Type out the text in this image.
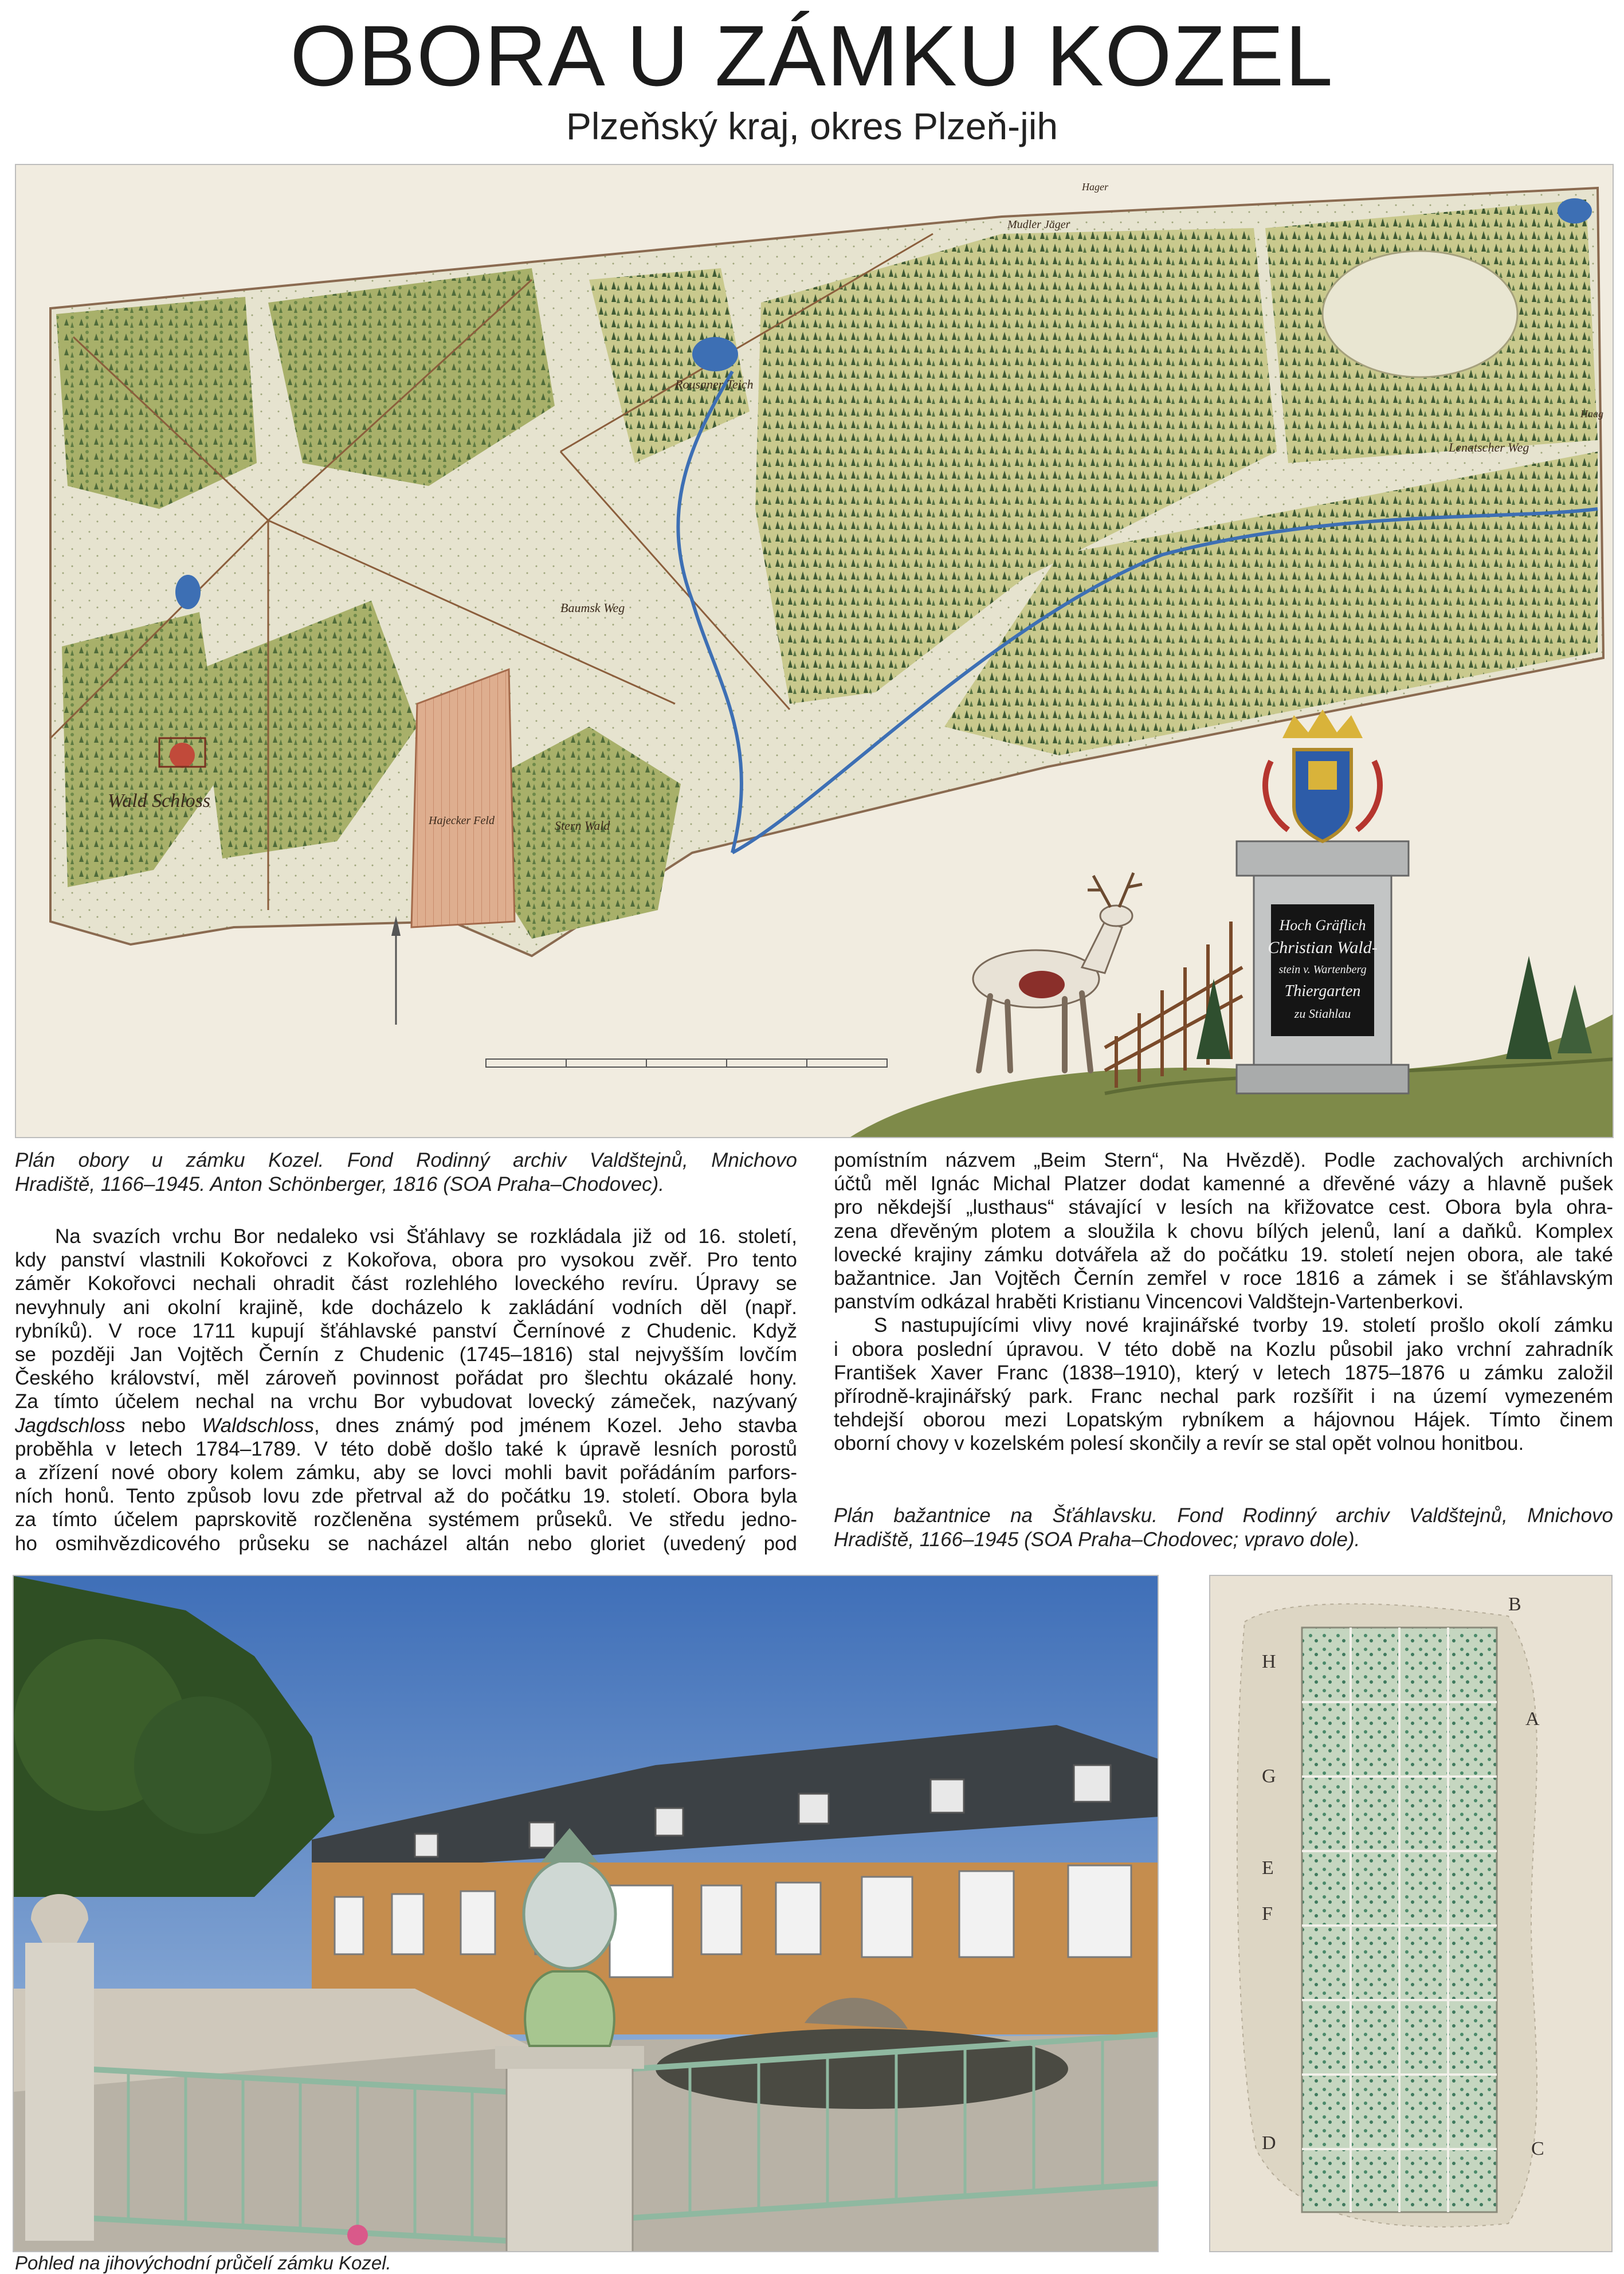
OBORA U ZÁMKU KOZEL
Plzeňský kraj, okres Plzeň-jih
Wald Schloss
Rousaner Teich
Baumsk Weg
Hajecker Feld	Stern Wald
Mudler Jäger
Lenatscher Weg
Hager
Haag
Hoch Gräflich
Christian Wald-
stein v. Wartenberg
Thiergarten
zu Stiahlau
Plán obory u zámku Kozel. Fond Rodinný archiv Valdštejnů, Mnichovo
Hradiště, 1166–1945. Anton Schönberger, 1816 (SOA Praha–Chodovec).
Na svazích vrchu Bor nedaleko vsi Šťáhlavy se rozkládala již od 16. století,
kdy panství vlastnili Kokořovci z Kokořova, obora pro vysokou zvěř. Pro tento
záměr Kokořovci nechali ohradit část rozlehlého loveckého revíru. Úpravy se
nevyhnuly ani okolní krajině, kde docházelo k zakládání vodních děl (např.
rybníků). V roce 1711 kupují šťáhlavské panství Černínové z Chudenic. Když
se později Jan Vojtěch Černín z Chudenic (1745–1816) stal nejvyšším lovčím
Českého království, měl zároveň povinnost pořádat pro šlechtu okázalé hony.
Za tímto účelem nechal na vrchu Bor vybudovat lovecký zámeček, nazývaný
Jagdschloss nebo Waldschloss, dnes známý pod jménem Kozel. Jeho stavba
proběhla v letech 1784–1789. V této době došlo také k úpravě lesních porostů
a zřízení nové obory kolem zámku, aby se lovci mohli bavit pořádáním parfors-
ních honů. Tento způsob lovu zde přetrval až do počátku 19. století. Obora byla
za tímto účelem paprskovitě rozčleněna systémem průseků. Ve středu jedno-
ho osmihvězdicového průseku se nacházel altán nebo gloriet (uvedený pod
pomístním názvem „Beim Stern“, Na Hvězdě). Podle zachovalých archivních
účtů měl Ignác Michal Platzer dodat kamenné a dřevěné vázy a hlavně pušek
pro někdejší „lusthaus“ stávající v lesích na křižovatce cest. Obora byla ohra-
zena dřevěným plotem a sloužila k chovu bílých jelenů, laní a daňků. Komplex
lovecké krajiny zámku dotvářela až do počátku 19. století nejen obora, ale také
bažantnice. Jan Vojtěch Černín zemřel v roce 1816 a zámek i se šťáhlavským
panstvím odkázal hraběti Kristianu Vincencovi Valdštejn-Vartenberkovi.
S nastupujícími vlivy nové krajinářské tvorby 19. století prošlo okolí zámku
i obora poslední úpravou. V této době na Kozlu působil jako vrchní zahradník
František Xaver Franc (1838–1910), který v letech 1875–1876 u zámku založil
přírodně-krajinářský park. Franc nechal park rozšířit i na území vymezeném
tehdejší oborou mezi Lopatským rybníkem a hájovnou Hájek. Tímto činem
oborní chovy v kozelském polesí skončily a revír se stal opět volnou honitbou.
Plán bažantnice na Šťáhlavsku. Fond Rodinný archiv Valdštejnů, Mnichovo
Hradiště, 1166–1945 (SOA Praha–Chodovec; vpravo dole).
H
G
E
F
D
B
A
C
Pohled na jihovýchodní průčelí zámku Kozel.
